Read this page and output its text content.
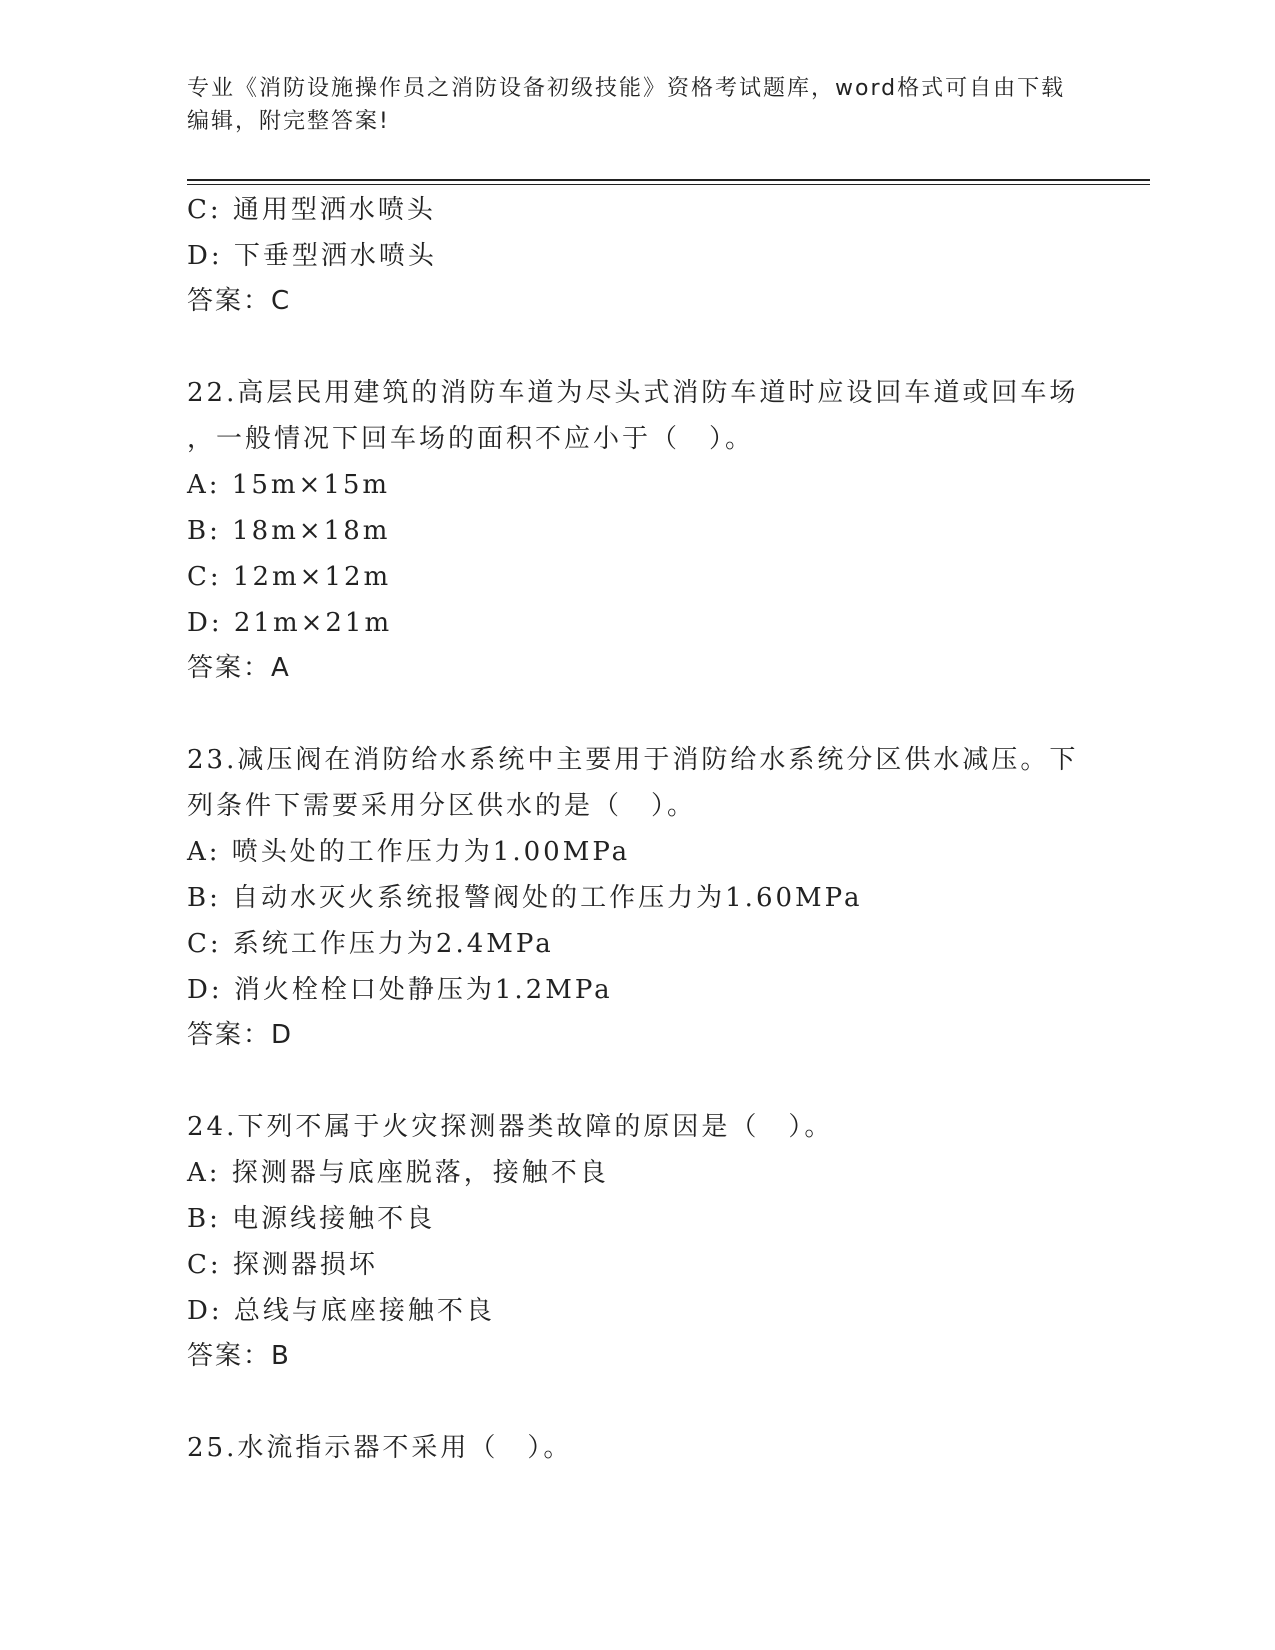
专业《消防设施操作员之消防设备初级技能》资格考试题库，word格式可自由下载编辑，附完整答案!
C: 通用型洒水喷头
D: 下垂型洒水喷头
答案：C
22.高层民用建筑的消防车道为尽头式消防车道时应设回车道或回车场
，一般情况下回车场的面积不应小于（　）。
A: 15m×15m
B: 18m×18m
C: 12m×12m
D: 21m×21m
答案：A
23.减压阀在消防给水系统中主要用于消防给水系统分区供水减压。下
列条件下需要采用分区供水的是（　）。
A: 喷头处的工作压力为1.00MPa
B: 自动水灭火系统报警阀处的工作压力为1.60MPa
C: 系统工作压力为2.4MPa
D: 消火栓栓口处静压为1.2MPa
答案：D
24.下列不属于火灾探测器类故障的原因是（　）。
A: 探测器与底座脱落，接触不良
B: 电源线接触不良
C: 探测器损坏
D: 总线与底座接触不良
答案：B
25.水流指示器不采用（　）。
